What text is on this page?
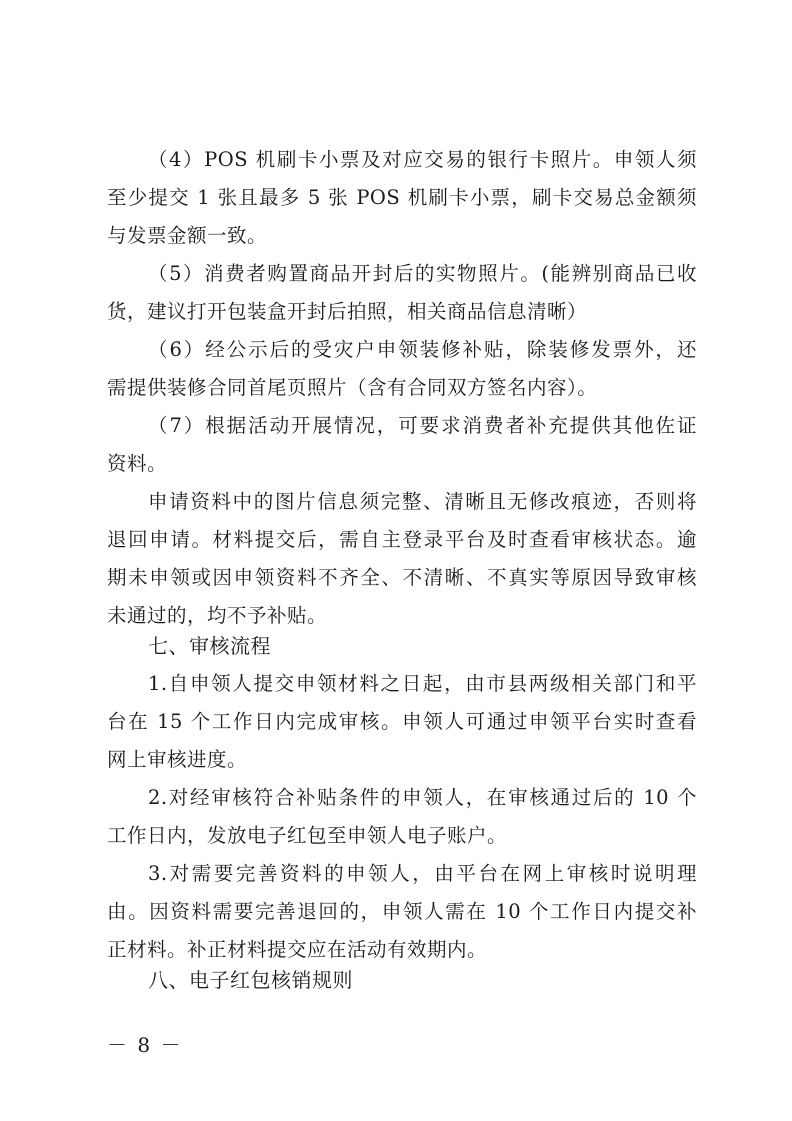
（4）POS 机刷卡小票及对应交易的银行卡照片。申领人须
至少提交 1 张且最多 5 张 POS 机刷卡小票，刷卡交易总金额须
与发票金额一致。
（5）消费者购置商品开封后的实物照片。(能辨别商品已收
货，建议打开包装盒开封后拍照，相关商品信息清晰）
（6）经公示后的受灾户申领装修补贴，除装修发票外，还
需提供装修合同首尾页照片（含有合同双方签名内容）。
（7）根据活动开展情况，可要求消费者补充提供其他佐证
资料。
申请资料中的图片信息须完整、清晰且无修改痕迹，否则将
退回申请。材料提交后，需自主登录平台及时查看审核状态。逾
期未申领或因申领资料不齐全、不清晰、不真实等原因导致审核
未通过的，均不予补贴。
七、审核流程
1.自申领人提交申领材料之日起，由市县两级相关部门和平
台在 15 个工作日内完成审核。申领人可通过申领平台实时查看
网上审核进度。
2.对经审核符合补贴条件的申领人，在审核通过后的 10 个
工作日内，发放电子红包至申领人电子账户。
3.对需要完善资料的申领人，由平台在网上审核时说明理
由。因资料需要完善退回的，申领人需在 10 个工作日内提交补
正材料。补正材料提交应在活动有效期内。
八、电子红包核销规则
－ 8 －
